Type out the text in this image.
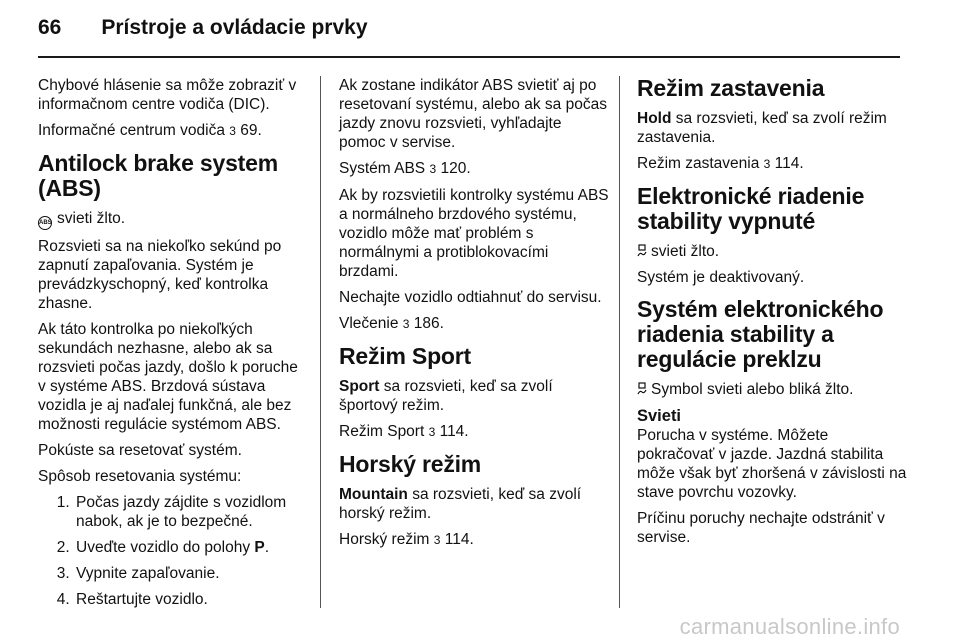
66 Prístroje a ovládacie prvky

Chybové hlásenie sa môže zobraziť v informačnom centre vodiča (DIC).

Informačné centrum vodiča 3 69.

Antilock brake system (ABS)

ABS svieti žlto.

Rozsvieti sa na niekoľko sekúnd po zapnutí zapaľovania. Systém je prevádzkyschopný, keď kontrolka zhasne.

Ak táto kontrolka po niekoľkých sekundách nezhasne, alebo ak sa rozsvieti počas jazdy, došlo k poruche v systéme ABS. Brzdová sústava vozidla je aj naďalej funkčná, ale bez možnosti regulácie systémom ABS.

Pokúste sa resetovať systém.

Spôsob resetovania systému:

1. Počas jazdy zájdite s vozidlom nabok, ak je to bezpečné.
2. Uveďte vozidlo do polohy P.
3. Vypnite zapaľovanie.
4. Reštartujte vozidlo.

Ak zostane indikátor ABS svietiť aj po resetovaní systému, alebo ak sa počas jazdy znovu rozsvieti, vyhľadajte pomoc v servise.

Systém ABS 3 120.

Ak by rozsvietili kontrolky systému ABS a normálneho brzdového systému, vozidlo môže mať problém s normálnymi a protiblokovacími brzdami.

Nechajte vozidlo odtiahnuť do servisu.

Vlečenie 3 186.

Režim Sport

Sport sa rozsvieti, keď sa zvolí športový režim.

Režim Sport 3 114.

Horský režim

Mountain sa rozsvieti, keď sa zvolí horský režim.

Horský režim 3 114.

Režim zastavenia

Hold sa rozsvieti, keď sa zvolí režim zastavenia.

Režim zastavenia 3 114.

Elektronické riadenie stability vypnuté

svieti žlto.

Systém je deaktivovaný.

Systém elektronického riadenia stability a regulácie preklzu

Symbol svieti alebo bliká žlto.

Svieti

Porucha v systéme. Môžete pokračovať v jazde. Jazdná stabilita môže však byť zhoršená v závislosti na stave povrchu vozovky.

Príčinu poruchy nechajte odstrániť v servise.

carmanualsonline.info
